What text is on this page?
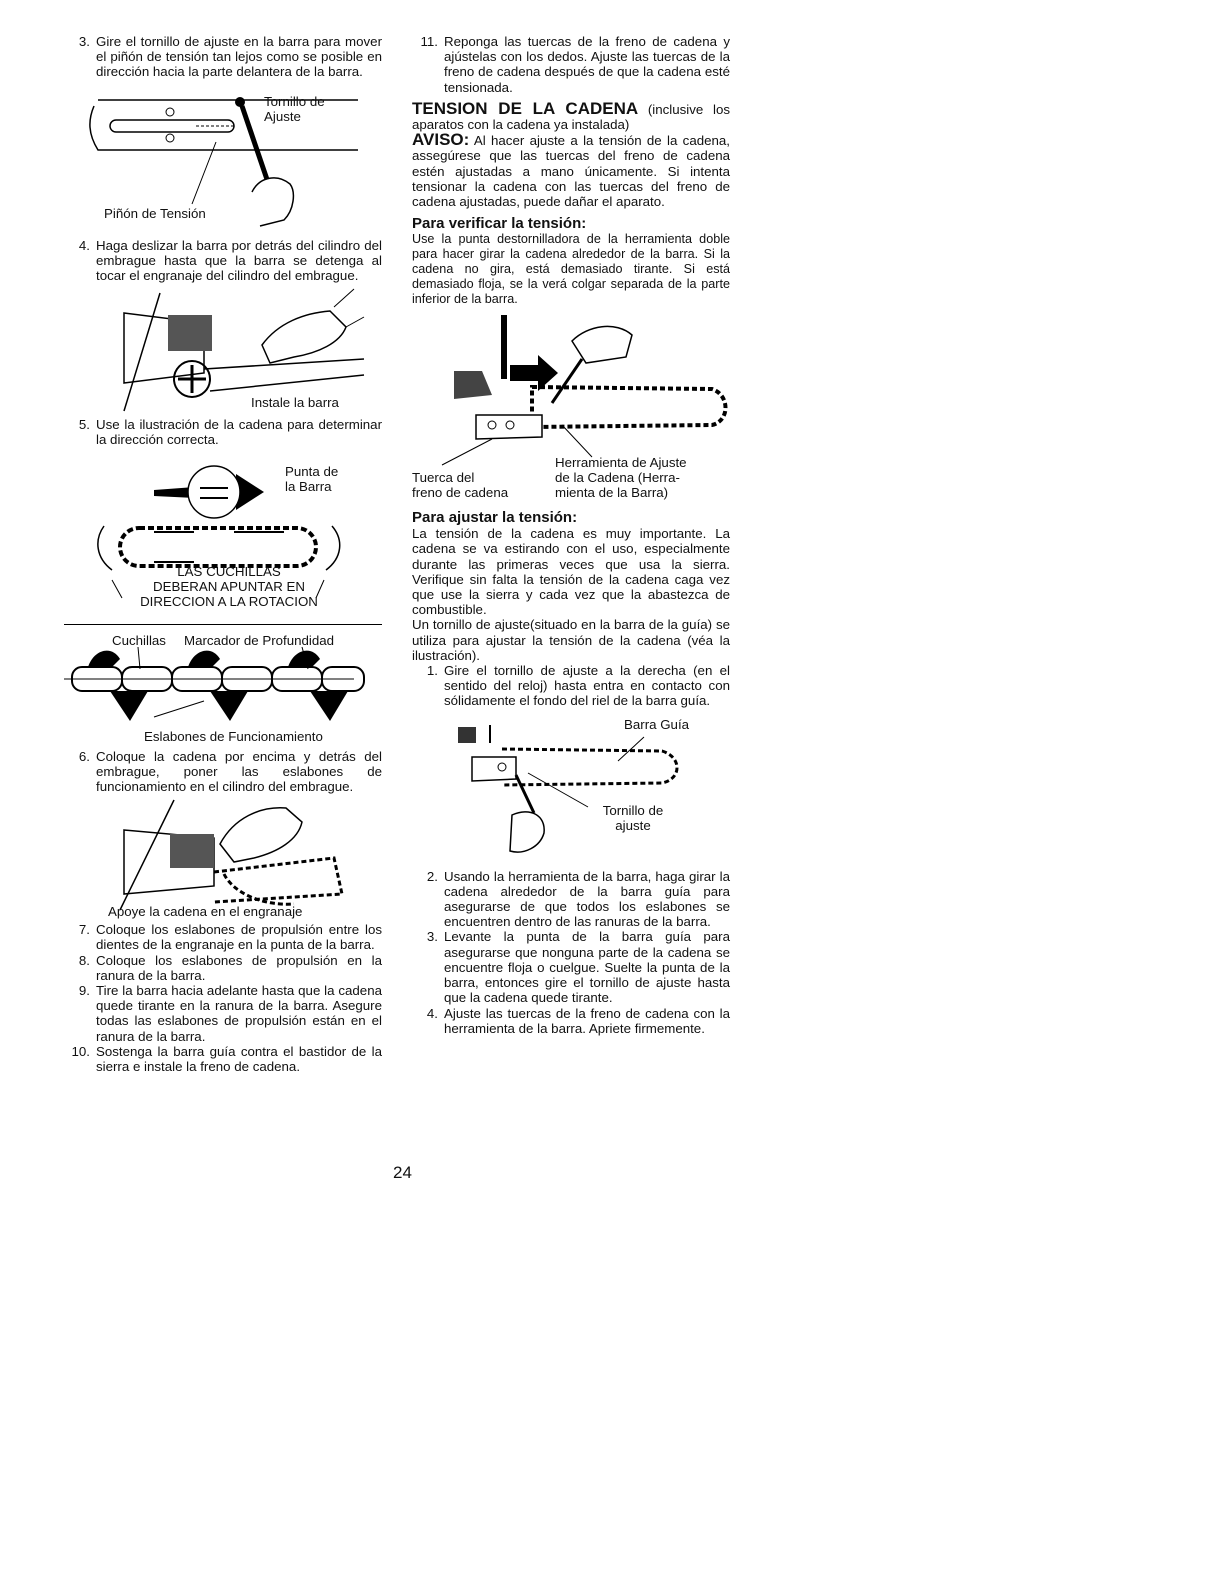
3. Gire el tornillo de ajuste en la barra para mover el piñón de tensión tan lejos como se posible en dirección hacia la parte delantera de la barra.
Tornillo de
Ajuste
Piñón de Tensión
4. Haga deslizar la barra por detrás del cilindro del embrague hasta que la barra se detenga al tocar el engranaje del cilindro del embrague.
Instale la barra
5. Use la ilustración de la cadena para determinar la dirección correcta.
Punta de
la Barra
LAS CUCHILLAS
DEBERAN APUNTAR EN
DIRECCION A LA ROTACION
Cuchillas Marcador de Profundidad
Eslabones de Funcionamiento
6. Coloque la cadena por encima y detrás del embrague, poner las eslabones de funcionamiento en el cilindro del embrague.
Apoye la cadena en el engranaje
7. Coloque los eslabones de propulsión entre los dientes de la engranaje en la punta de la barra.
8. Coloque los eslabones de propulsión en la ranura de la barra.
9. Tire la barra hacia adelante hasta que la cadena quede tirante en la ranura de la barra. Asegure todas las eslabones de propulsión están en el ranura de la barra.
10. Sostenga la barra guía contra el bastidor de la sierra e instale la freno de cadena.
11. Reponga las tuercas de la freno de cadena y ajústelas con los dedos. Ajuste las tuercas de la freno de cadena después de que la cadena esté tensionada.
TENSION DE LA CADENA (inclusive los aparatos con la cadena ya instalada)
AVISO: Al hacer ajuste a la tensión de la cadena, assegúrese que las tuercas del freno de cadena estén ajustadas a mano únicamente. Si intenta tensionar la cadena con las tuercas del freno de cadena ajustadas, puede dañar el aparato.
Para verificar la tensión:
Use la punta destornilladora de la herramienta doble para hacer girar la cadena alrededor de la barra. Si la cadena no gira, está demasiado tirante. Si está demasiado floja, se la verá colgar separada de la parte inferior de la barra.
Herramienta de Ajuste
de la Cadena (Herra-
mienta de la Barra)
Tuerca del
freno de cadena
Para ajustar la tensión:
La tensión de la cadena es muy importante. La cadena se va estirando con el uso, especialmente durante las primeras veces que usa la sierra. Verifique sin falta la tensión de la cadena caga vez que use la sierra y cada vez que la abastezca de combustible.
Un tornillo de ajuste(situado en la barra de la guía) se utiliza para ajustar la tensión de la cadena (véa la ilustración).
1. Gire el tornillo de ajuste a la derecha (en el sentido del reloj) hasta entra en contacto con sólidamente el fondo del riel de la barra guía.
Barra Guía
Tornillo de
ajuste
2. Usando la herramienta de la barra, haga girar la cadena alrededor de la barra guía para asegurarse de que todos los eslabones se encuentren dentro de las ranuras de la barra.
3. Levante la punta de la barra guía para asegurarse que nonguna parte de la cadena se encuentre floja o cuelgue. Suelte la punta de la barra, entonces gire el tornillo de ajuste hasta que la cadena quede tirante.
4. Ajuste las tuercas de la freno de cadena con la herramienta de la barra. Apriete firmemente.
24
